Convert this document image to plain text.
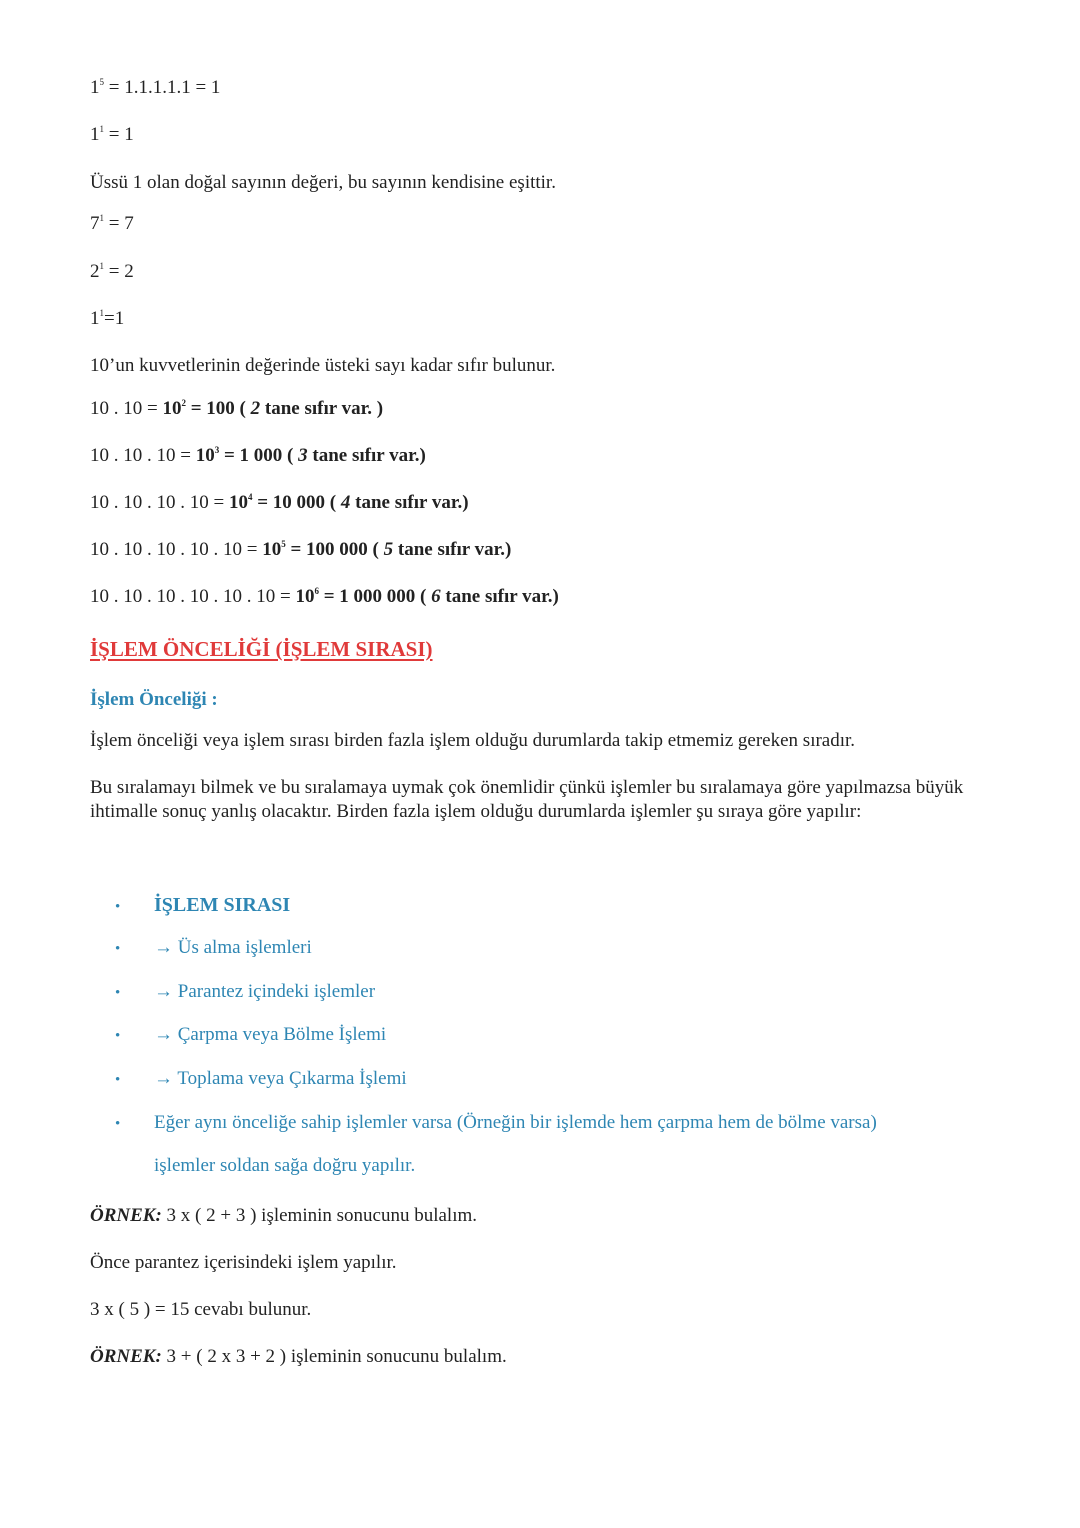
$1^5 = 1.1.1.1.1 = 1$
$1^1 = 1$
Üssü 1 olan doğal sayının değeri, bu sayının kendisine eşittir.
$7^1 = 7$
$2^1 = 2$
$1^1=1$
10’un kuvvetlerinin değerinde üsteki sayı kadar sıfır bulunur.
10 . $10 = 10^2 = 100$ ( 2 tane sıfır var. )
10 . 10 . $10 = 10^3 = 1$ 000 ( 3 tane sıfır var.)
10 . 10 . 10 . $10 = 10^4 = 10$ 000 ( 4 tane sıfır var.)
10 . 10 . 10 . 10 . $10 = 10^5 = 100$ 000 ( 5 tane sıfır var.)
10 . 10 . 10 . 10 . 10 . $10 = 10^6 = 1$ 000 000 ( 6 tane sıfır var.)
İŞLEM ÖNCELİĞİ (İŞLEM SIRASI)
İşlem Önceliği :
İşlem önceliği veya işlem sırası birden fazla işlem olduğu durumlarda takip etmemiz gereken sıradır.
Bu sıralamayı bilmek ve bu sıralamaya uymak çok önemlidir çünkü işlemler bu sıralamaya göre yapılmazsa büyük ihtimalle sonuç yanlış olacaktır. Birden fazla işlem olduğu durumlarda işlemler şu sıraya göre yapılır:
• İŞLEM SIRASI
• → Üs alma işlemleri
• → Parantez içindeki işlemler
• → Çarpma veya Bölme İşlemi
• → Toplama veya Çıkarma İşlemi
• Eğer aynı önceliğe sahip işlemler varsa (Örneğin bir işlemde hem çarpma hem de bölme varsa)
işlemler soldan sağa doğru yapılır.
ÖRNEK: 3 x ( 2 + 3 ) işleminin sonucunu bulalım.
Önce parantez içerisindeki işlem yapılır.
3 x ( 5 ) = 15 cevabı bulunur.
ÖRNEK: 3 + ( 2 x 3 + 2 ) işleminin sonucunu bulalım.
